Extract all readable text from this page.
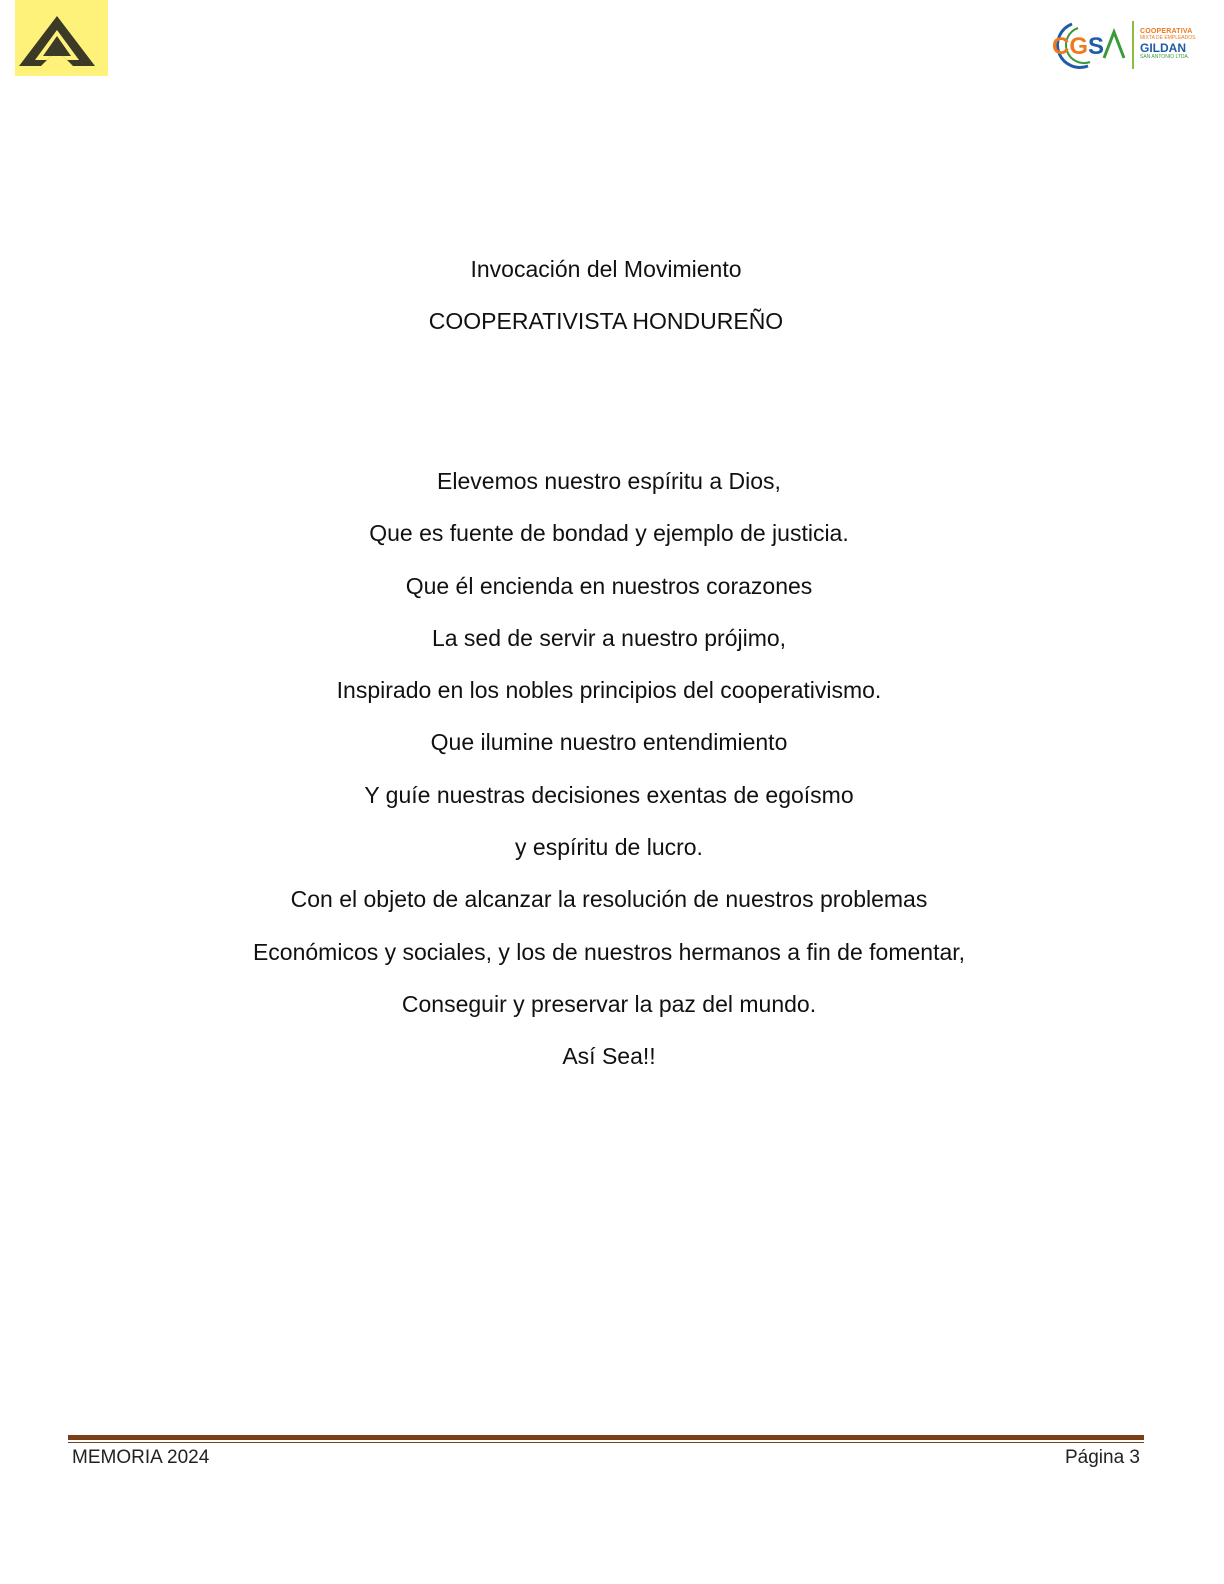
CG S
COOPERATIVA
MIXTA DE EMPLEADOS
GILDAN
SAN ANTONIO LTDA.
Invocación del Movimiento
COOPERATIVISTA HONDUREÑO
Elevemos nuestro espíritu a Dios,
Que es fuente de bondad y ejemplo de justicia.
Que él encienda en nuestros corazones
La sed de servir a nuestro prójimo,
Inspirado en los nobles principios del cooperativismo.
Que ilumine nuestro entendimiento
Y guíe nuestras decisiones exentas de egoísmo
y espíritu de lucro.
Con el objeto de alcanzar la resolución de nuestros problemas
Económicos y sociales, y los de nuestros hermanos a fin de fomentar,
Conseguir y preservar la paz del mundo.
Así Sea!!
MEMORIA 2024	Página 3
